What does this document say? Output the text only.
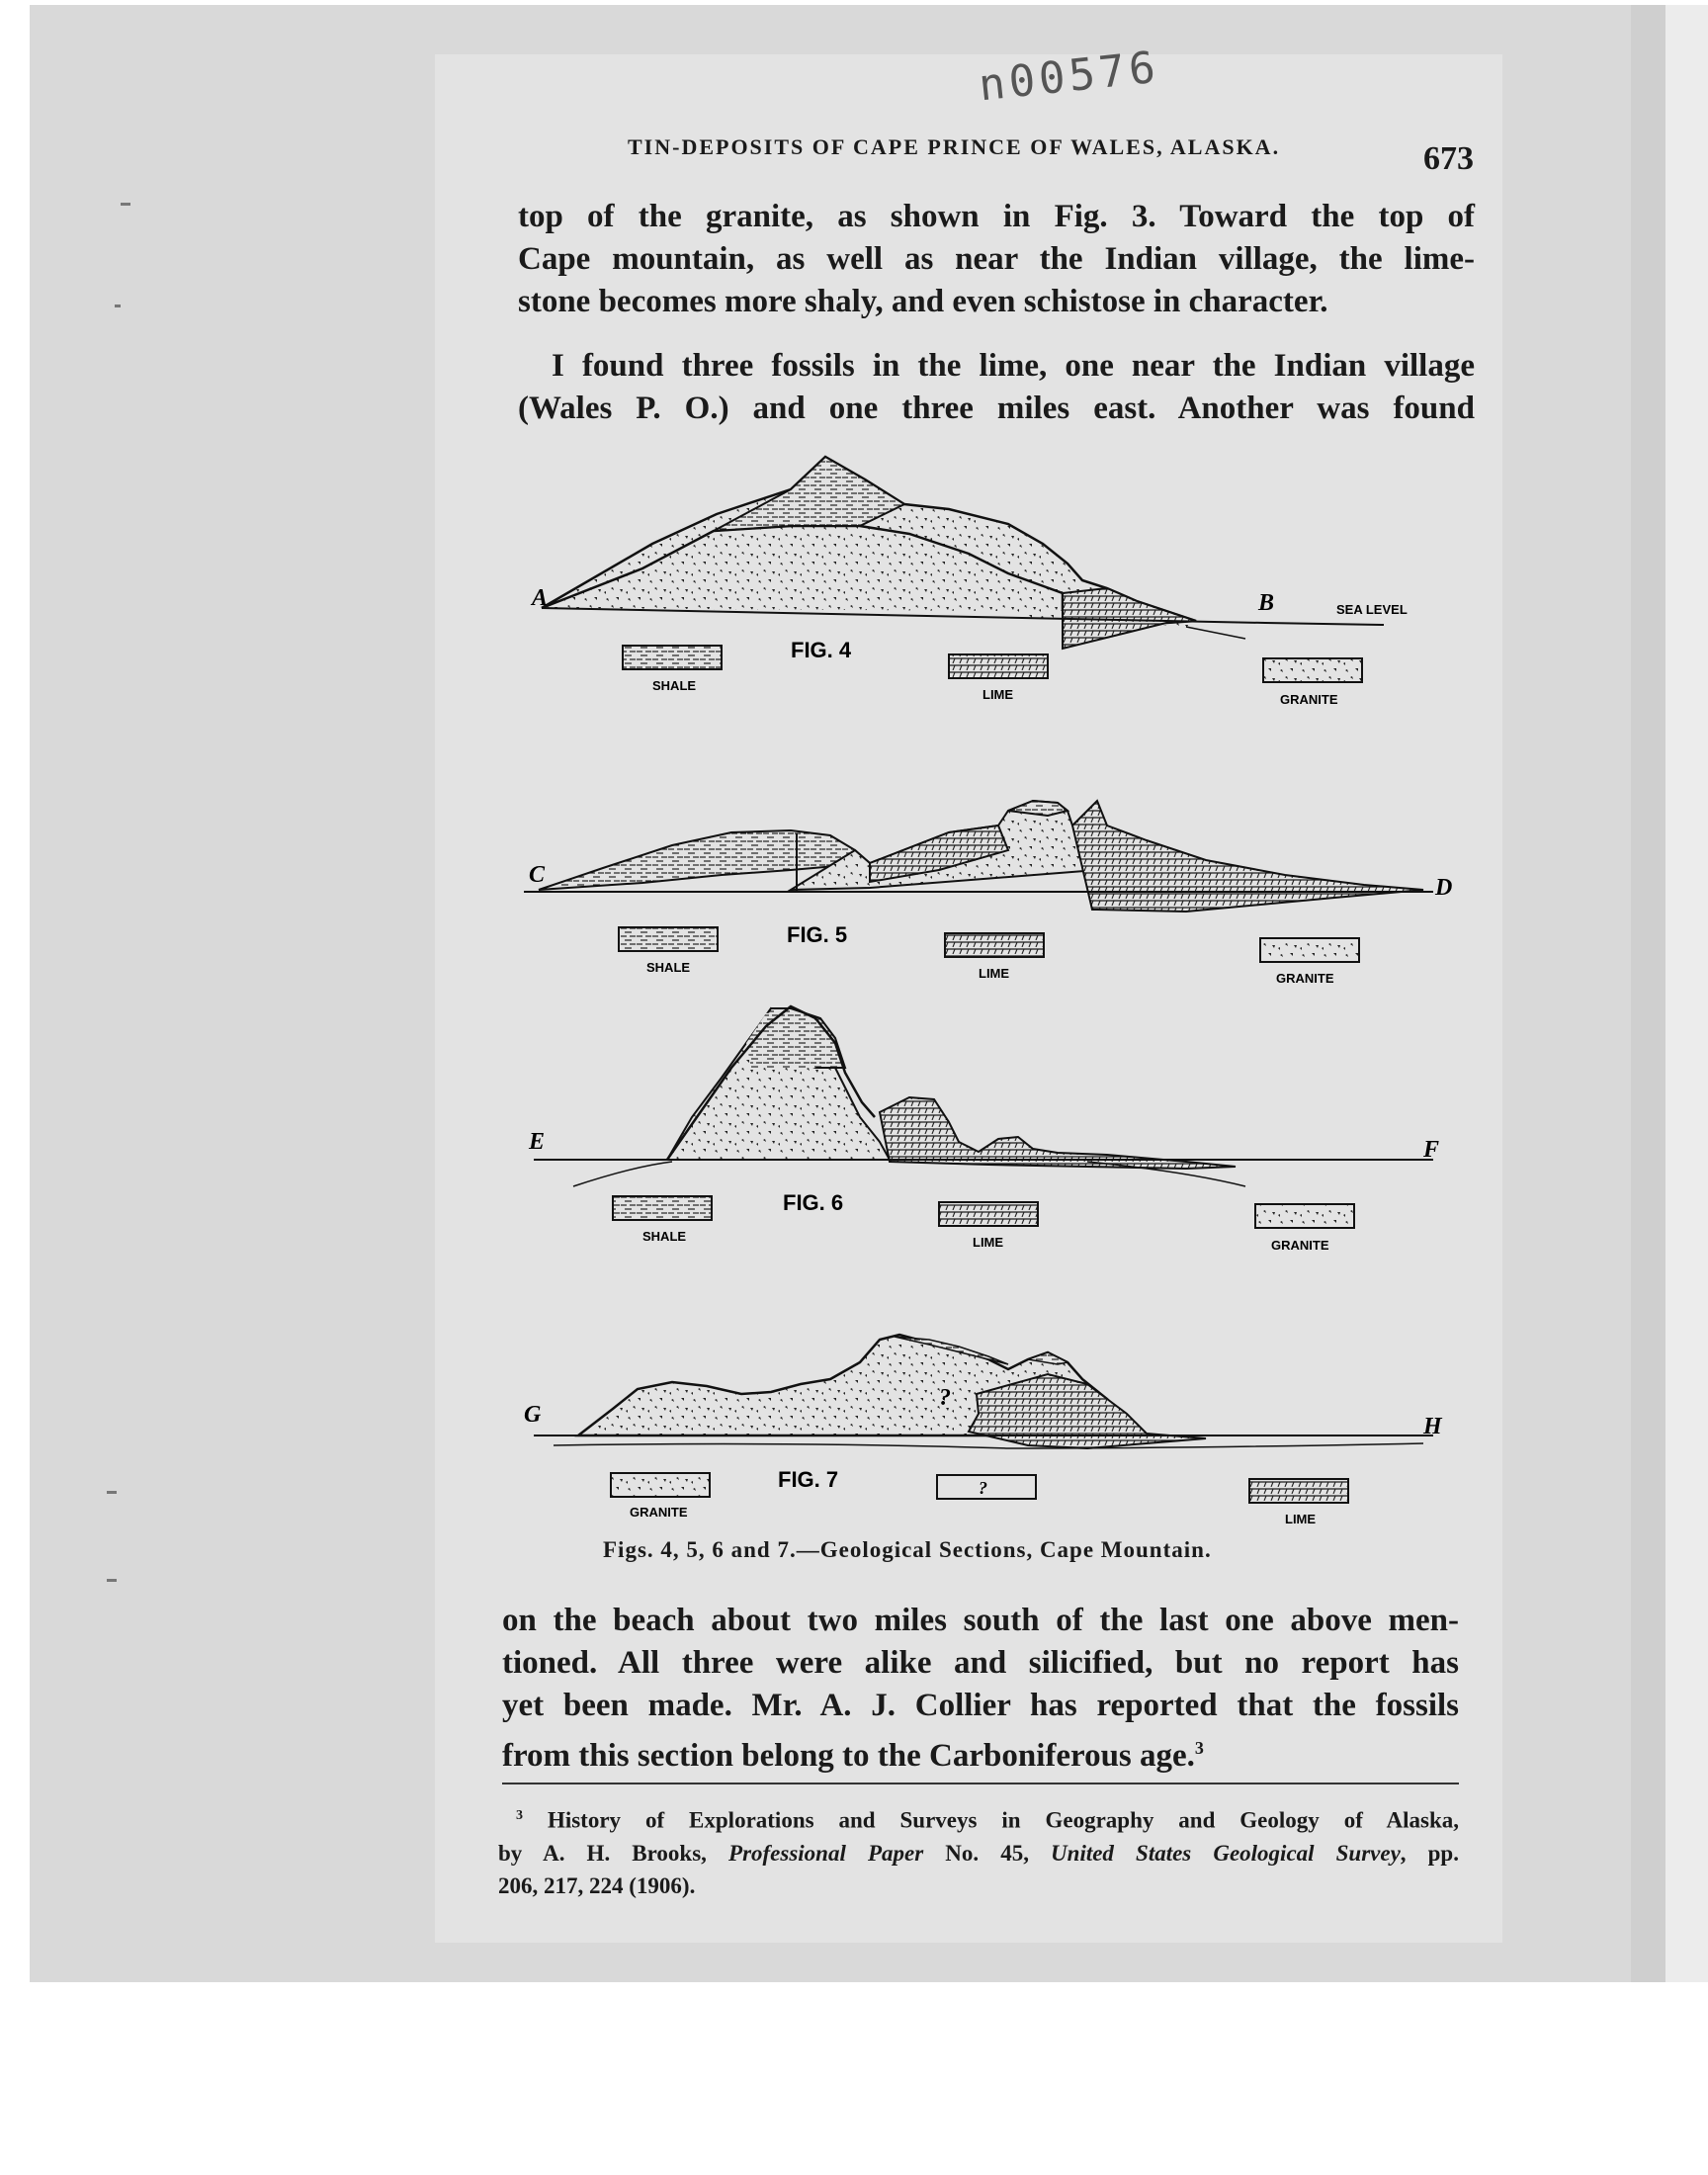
n00576
TIN-DEPOSITS OF CAPE PRINCE OF WALES, ALASKA.	673
top of the granite, as shown in Fig. 3. Toward the top of
Cape mountain, as well as near the Indian village, the lime-
stone becomes more shaly, and even schistose in character.
I found three fossils in the lime, one near the Indian village
(Wales P. O.) and one three miles east. Another was found
A	B	SEA LEVEL
FIG. 4
SHALE
LIME	GRANITE
C	D
FIG. 5
SHALE	LIME	GRANITE
E	F
FIG. 6
SHALE	LIME	GRANITE
?
G	H
FIG. 7
GRANITE
?
LIME
Figs. 4, 5, 6 and 7.—Geological Sections, Cape Mountain.
on the beach about two miles south of the last one above men-
tioned. All three were alike and silicified, but no report has
yet been made. Mr. A. J. Collier has reported that the fossils
from this section belong to the Carboniferous age.$^3$
$^3$ History of Explorations and Surveys in Geography and Geology of Alaska,
by A. H. Brooks, Professional Paper No. 45, United States Geological Survey, pp.
206, 217, 224 (1906).
